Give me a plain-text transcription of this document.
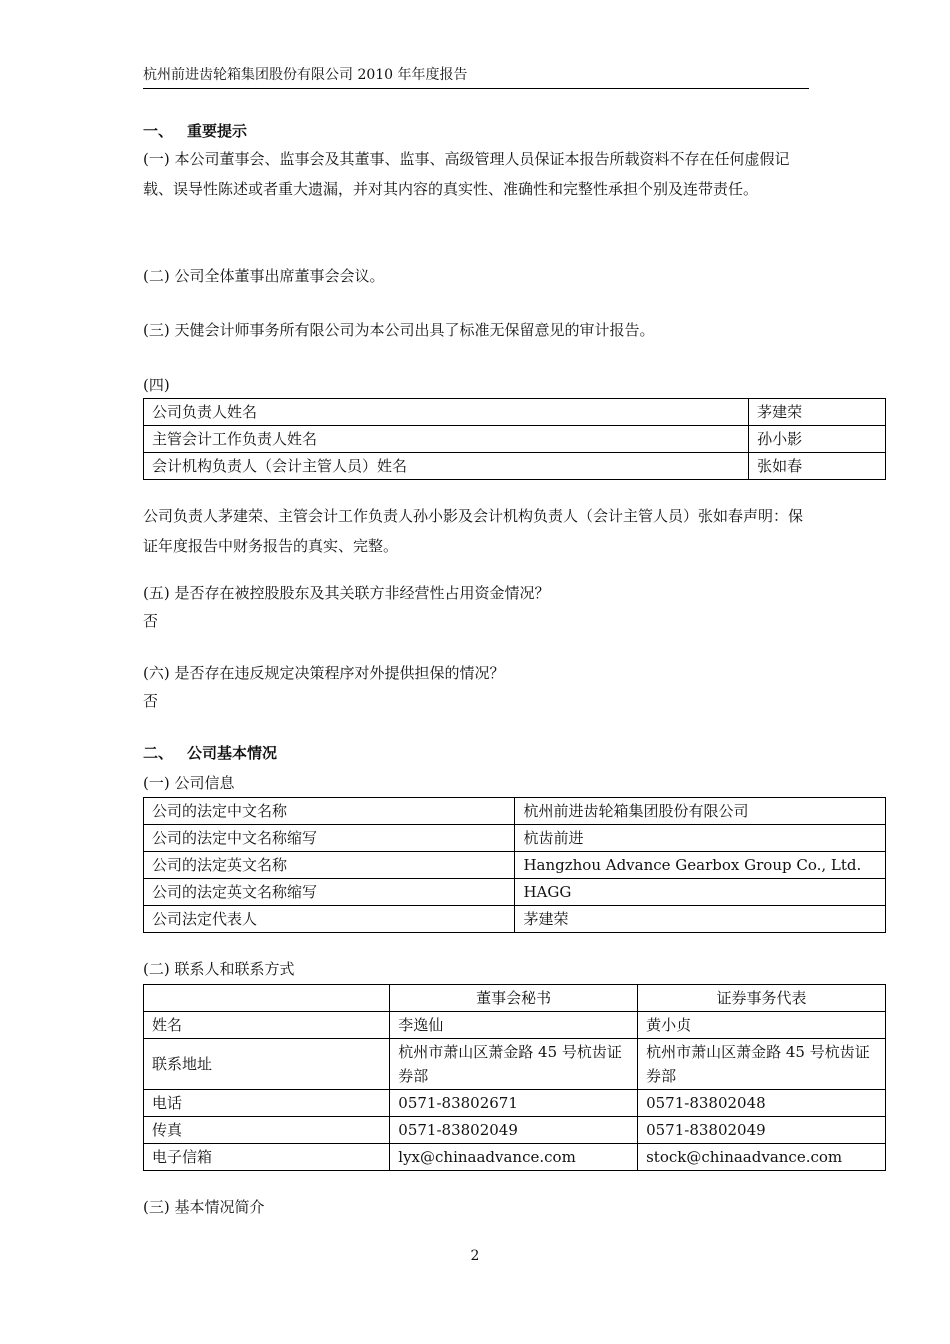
杭州前进齿轮箱集团股份有限公司 2010 年年度报告
一、 重要提示

(一) 本公司董事会、监事会及其董事、监事、高级管理人员保证本报告所载资料不存在任何虚假记载、误导性陈述或者重大遗漏，并对其内容的真实性、准确性和完整性承担个别及连带责任。

(二) 公司全体董事出席董事会会议。

(三) 天健会计师事务所有限公司为本公司出具了标准无保留意见的审计报告。

(四)
公司负责人姓名	茅建荣
主管会计工作负责人姓名	孙小影
会计机构负责人（会计主管人员）姓名	张如春

公司负责人茅建荣、主管会计工作负责人孙小影及会计机构负责人（会计主管人员）张如春声明：保证年度报告中财务报告的真实、完整。

(五) 是否存在被控股股东及其关联方非经营性占用资金情况？
否
(六) 是否存在违反规定决策程序对外提供担保的情况？
否
二、 公司基本情况
(一) 公司信息
公司的法定中文名称	杭州前进齿轮箱集团股份有限公司
公司的法定中文名称缩写	杭齿前进
公司的法定英文名称	Hangzhou Advance Gearbox Group Co., Ltd.
公司的法定英文名称缩写	HAGG
公司法定代表人	茅建荣
(二) 联系人和联系方式
	董事会秘书	证券事务代表
姓名	李逸仙	黄小贞
联系地址	杭州市萧山区萧金路 45 号杭齿证券部	杭州市萧山区萧金路 45 号杭齿证券部
电话	0571-83802671	0571-83802048
传真	0571-83802049	0571-83802049
电子信箱	lyx@chinaadvance.com	stock@chinaadvance.com
(三) 基本情况简介
2
